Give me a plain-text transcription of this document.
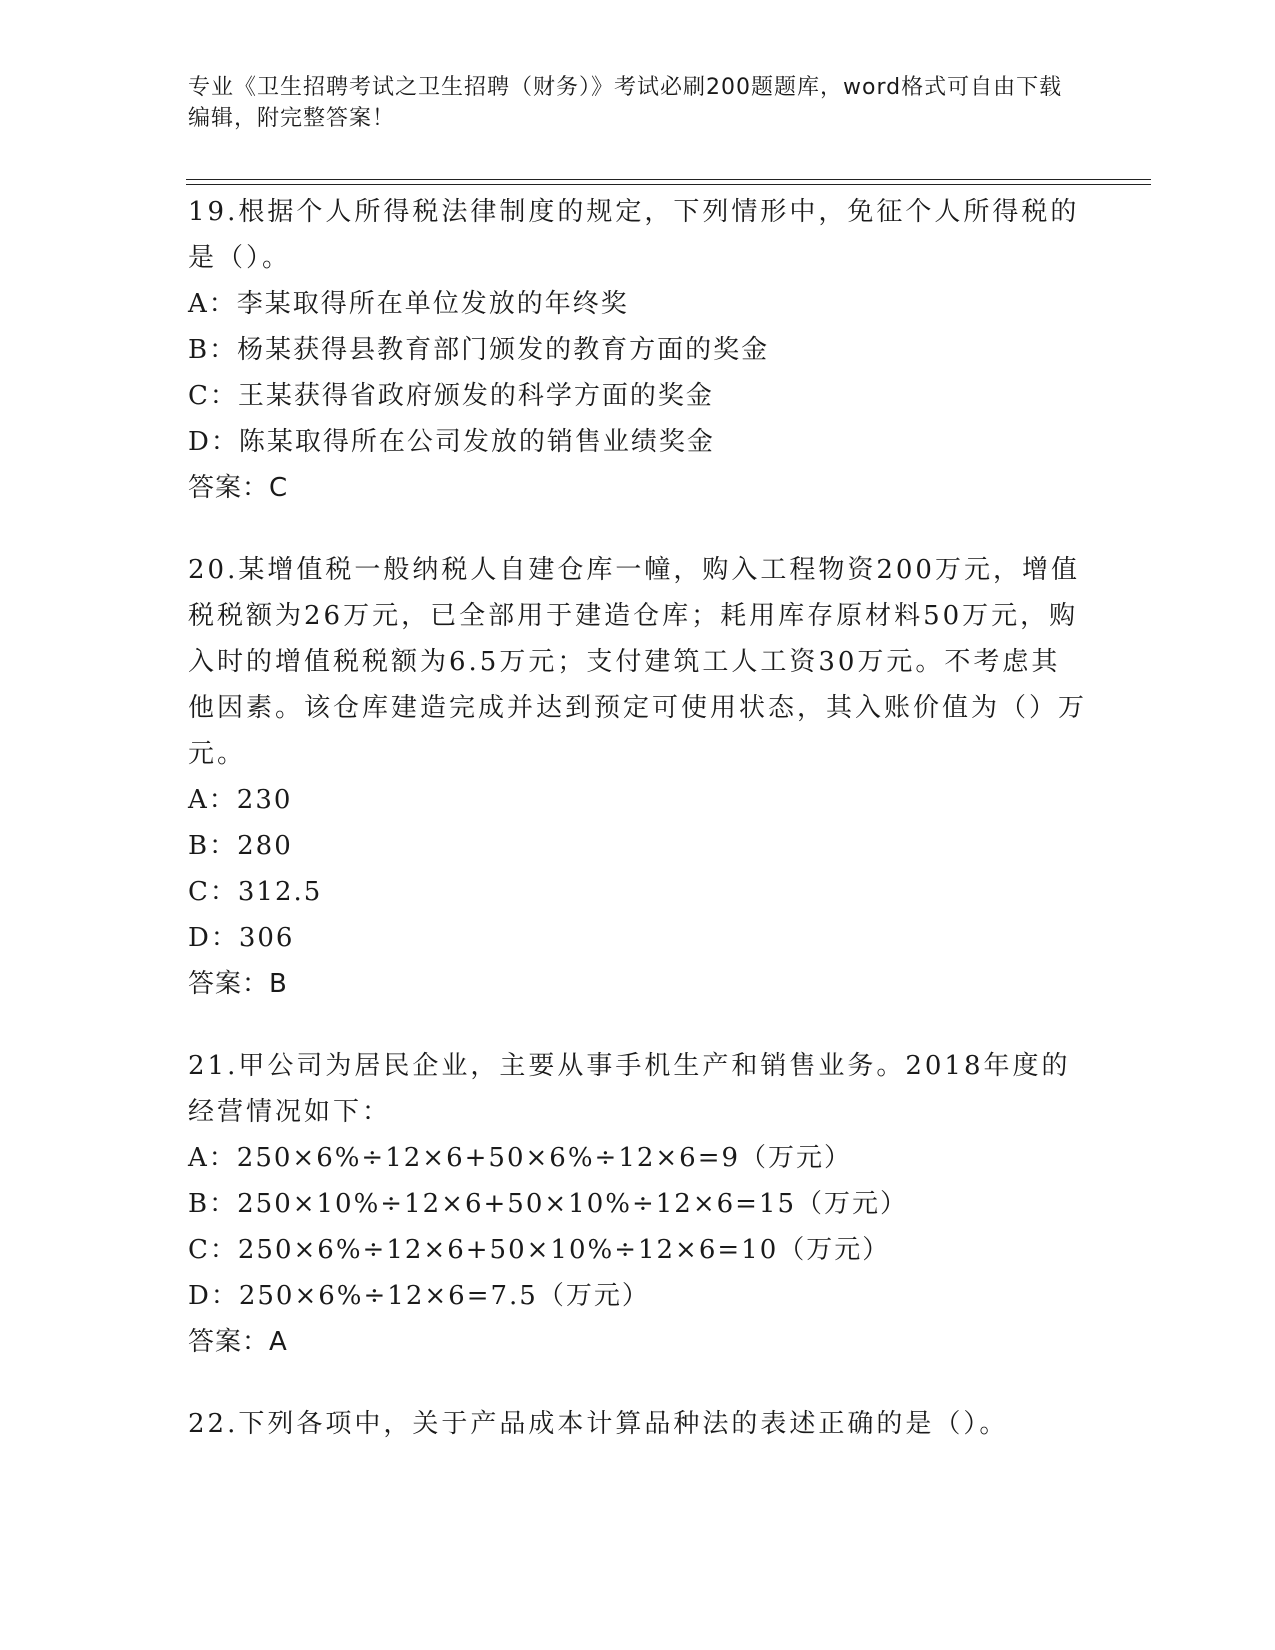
专业《卫生招聘考试之卫生招聘（财务）》考试必刷200题题库，word格式可自由下载编辑，附完整答案！
19.根据个人所得税法律制度的规定，下列情形中，免征个人所得税的是（）。
A：李某取得所在单位发放的年终奖
B：杨某获得县教育部门颁发的教育方面的奖金
C：王某获得省政府颁发的科学方面的奖金
D：陈某取得所在公司发放的销售业绩奖金
答案：C
20.某增值税一般纳税人自建仓库一幢，购入工程物资200万元，增值税税额为26万元，已全部用于建造仓库；耗用库存原材料50万元，购入时的增值税税额为6.5万元；支付建筑工人工资30万元。不考虑其他因素。该仓库建造完成并达到预定可使用状态，其入账价值为（）万元。
A：230
B：280
C：312.5
D：306
答案：B
21.甲公司为居民企业，主要从事手机生产和销售业务。2018年度的经营情况如下：
A：250×6%÷12×6+50×6%÷12×6=9（万元）
B：250×10%÷12×6+50×10%÷12×6=15（万元）
C：250×6%÷12×6+50×10%÷12×6=10（万元）
D：250×6%÷12×6=7.5（万元）
答案：A
22.下列各项中，关于产品成本计算品种法的表述正确的是（）。
